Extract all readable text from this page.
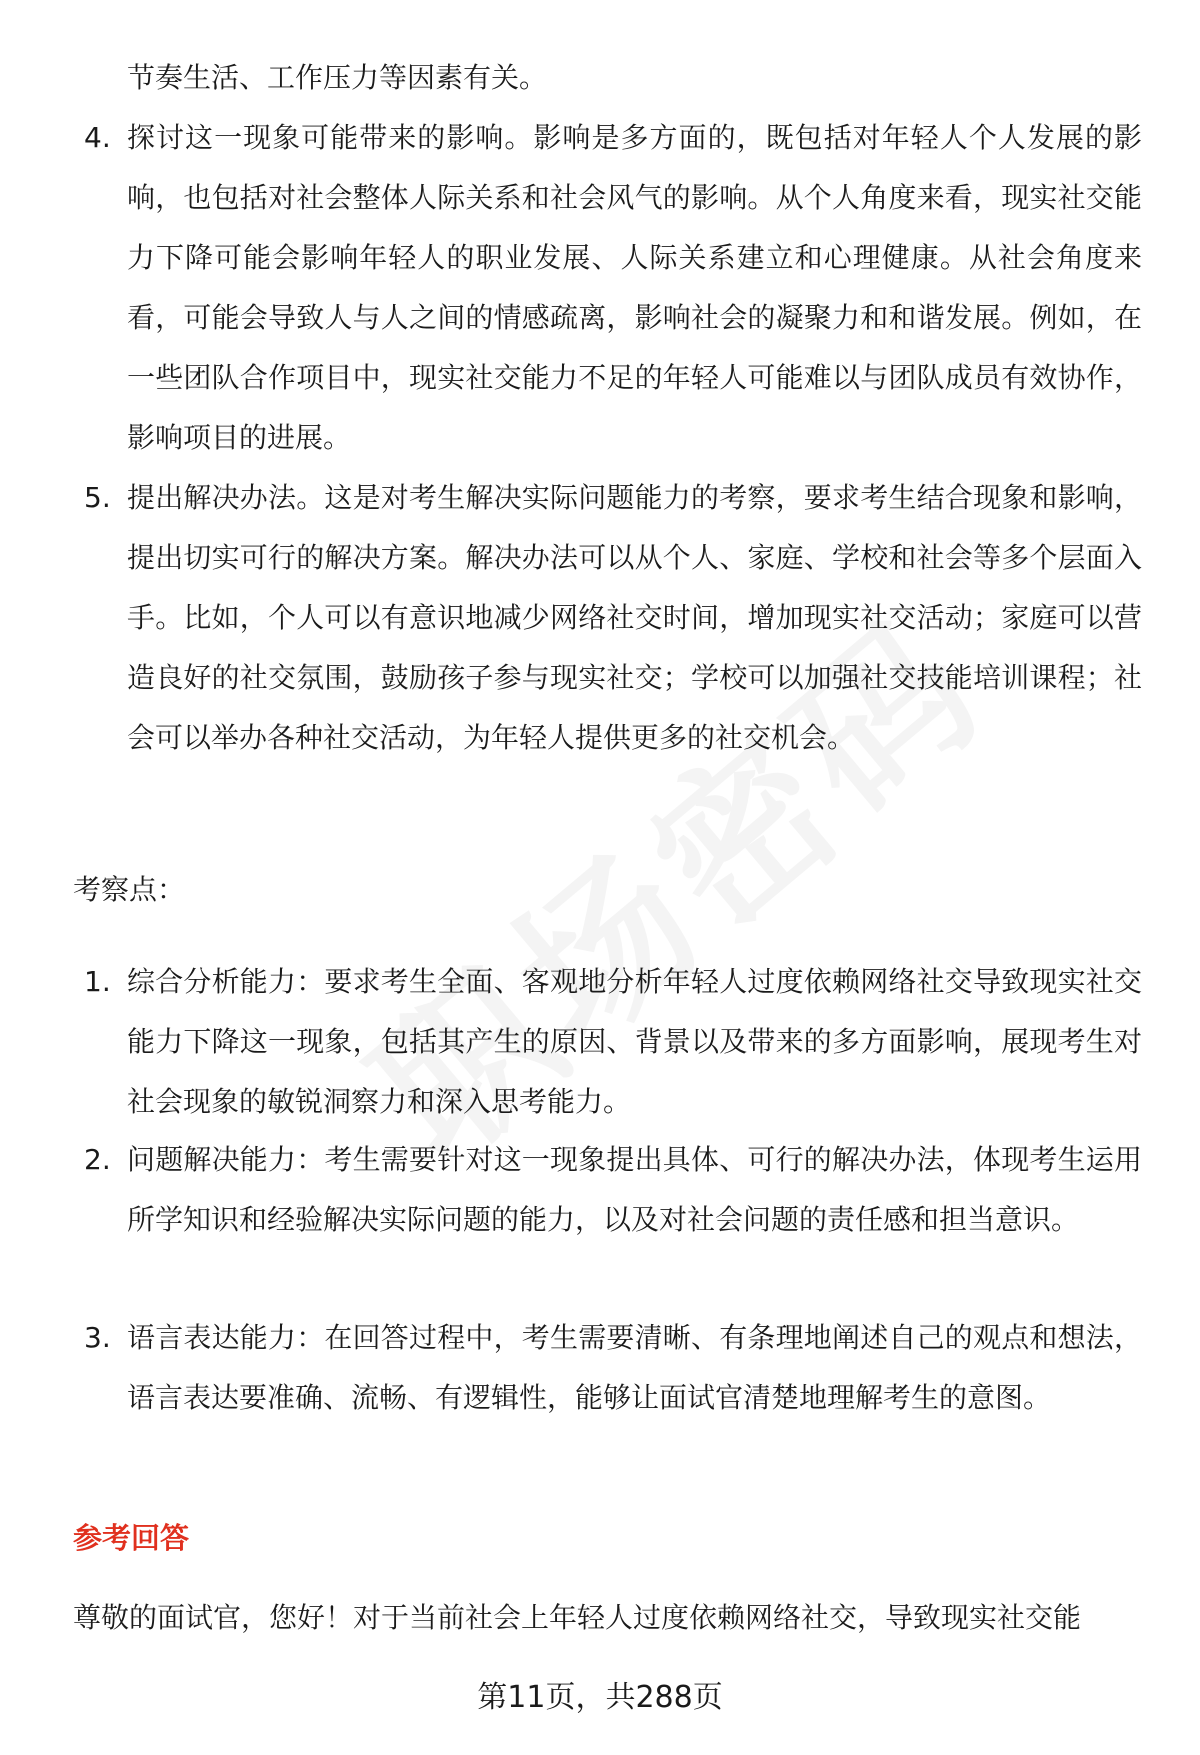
节奏生活、工作压力等因素有关。

4. 探讨这一现象可能带来的影响。影响是多方面的，既包括对年轻人个人发展的影响，也包括对社会整体人际关系和社会风气的影响。从个人角度来看，现实社交能力下降可能会影响年轻人的职业发展、人际关系建立和心理健康。从社会角度来看，可能会导致人与人之间的情感疏离，影响社会的凝聚力和和谐发展。例如，在一些团队合作项目中，现实社交能力不足的年轻人可能难以与团队成员有效协作，影响项目的进展。

5. 提出解决办法。这是对考生解决实际问题能力的考察，要求考生结合现象和影响，提出切实可行的解决方案。解决办法可以从个人、家庭、学校和社会等多个层面入手。比如，个人可以有意识地减少网络社交时间，增加现实社交活动；家庭可以营造良好的社交氛围，鼓励孩子参与现实社交；学校可以加强社交技能培训课程；社会可以举办各种社交活动，为年轻人提供更多的社交机会。

考察点：
1. 综合分析能力：要求考生全面、客观地分析年轻人过度依赖网络社交导致现实社交能力下降这一现象，包括其产生的原因、背景以及带来的多方面影响，展现考生对社会现象的敏锐洞察力和深入思考能力。

2. 问题解决能力：考生需要针对这一现象提出具体、可行的解决办法，体现考生运用所学知识和经验解决实际问题的能力，以及对社会问题的责任感和担当意识。

3. 语言表达能力：在回答过程中，考生需要清晰、有条理地阐述自己的观点和想法，语言表达要准确、流畅、有逻辑性，能够让面试官清楚地理解考生的意图。

参考回答

尊敬的面试官，您好！对于当前社会上年轻人过度依赖网络社交，导致现实社交能

第11页，共288页
